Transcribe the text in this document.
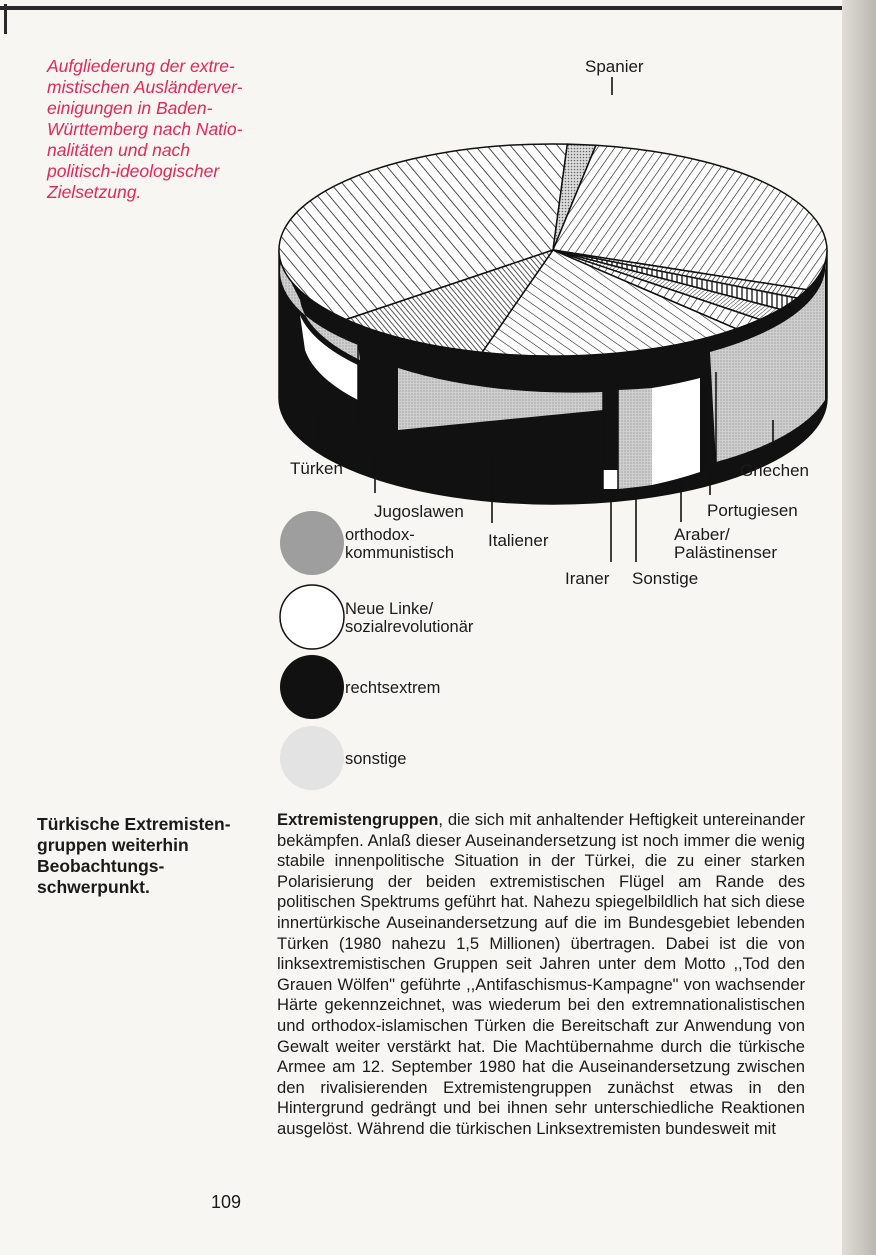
Aufgliederung der extre-
mistischen Ausländerver-
einigungen in Baden-
Württemberg nach Natio-
nalitäten und nach
politisch-ideologischer
Zielsetzung.
Spanier
Türken	Griechen
Jugoslawen	Portugiesen
Italiener	Araber/
Palästinenser
Iraner Sonstige
orthodox-
kommunistisch
Neue Linke/
sozialrevolutionär
rechtsextrem
sonstige
Türkische Extremisten-
gruppen weiterhin
Beobachtungs-
schwerpunkt.
Extremistengruppen, die sich mit anhaltender Heftigkeit untereinander bekämpfen. Anlaß dieser Auseinandersetzung ist noch immer die wenig stabile innenpolitische Situation in der Türkei, die zu einer starken Polarisierung der beiden extremistischen Flügel am Rande des politischen Spektrums geführt hat. Nahezu spiegelbildlich hat sich diese innertürkische Auseinandersetzung auf die im Bundesgebiet lebenden Türken (1980 nahezu 1,5 Millionen) übertragen. Dabei ist die von linksextremistischen Gruppen seit Jahren unter dem Motto ,,Tod den Grauen Wölfen" geführte ,,Antifaschismus-Kampagne" von wachsender Härte gekennzeichnet, was wiederum bei den extremnationalistischen und orthodox-islamischen Türken die Bereitschaft zur Anwendung von Gewalt weiter verstärkt hat. Die Machtübernahme durch die türkische Armee am 12. September 1980 hat die Auseinandersetzung zwischen den rivalisierenden Extremistengruppen zunächst etwas in den Hintergrund gedrängt und bei ihnen sehr unterschiedliche Reaktionen ausgelöst. Während die türkischen Linksextremisten bundesweit mit
109
